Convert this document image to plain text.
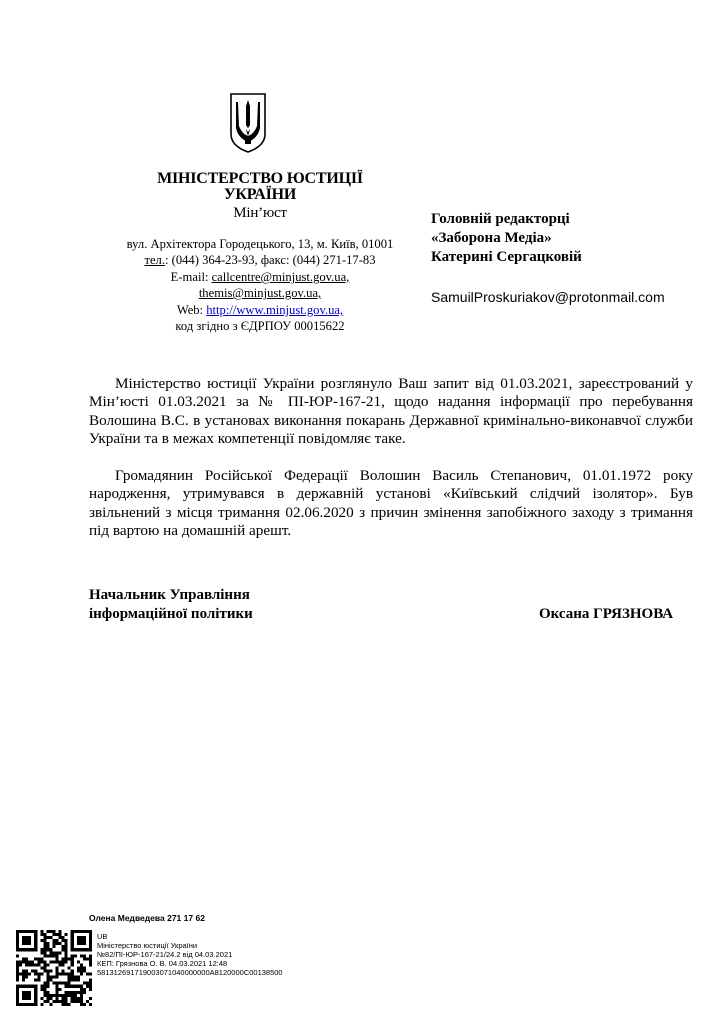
МІНІСТЕРСТВО ЮСТИЦІЇ
УКРАЇНИ
Мін’юст
вул. Архітектора Городецького, 13, м. Київ, 01001
тел.: (044) 364-23-93, факс: (044) 271-17-83
E-mail: callcentre@minjust.gov.ua,
themis@minjust.gov.ua,
Web: http://www.minjust.gov.ua,
код згідно з ЄДРПОУ 00015622
Головній редакторці
«Заборона Медіа»
Катерині Сергацковій
SamuilProskuriakov@protonmail.com
Міністерство юстиції України розглянуло Ваш запит від 01.03.2021, зареєстрований у Мін’юсті 01.03.2021 за № ПІ-ЮР-167-21, щодо надання інформації про перебування Волошина В.С. в установах виконання покарань Державної кримінально-виконавчої служби України та в межах компетенції повідомляє таке.
Громадянин Російської Федерації Волошин Василь Степанович, 01.01.1972 року народження, утримувався в державній установі «Київський слідчий ізолятор». Був звільнений з місця тримання 02.06.2020 з причин змінення запобіжного заходу з тримання під вартою на домашній арешт.
Начальник Управління
інформаційної політики	Оксана ГРЯЗНОВА
Олена Медведева 271 17 62
UB
Міністерство юстиції України
№82/ПІ-ЮР-167-21/24.2 від 04.03.2021
КЕП: Грязнова О. В. 04.03.2021 12:48
581312691719003071040000000A8120000C00138500
